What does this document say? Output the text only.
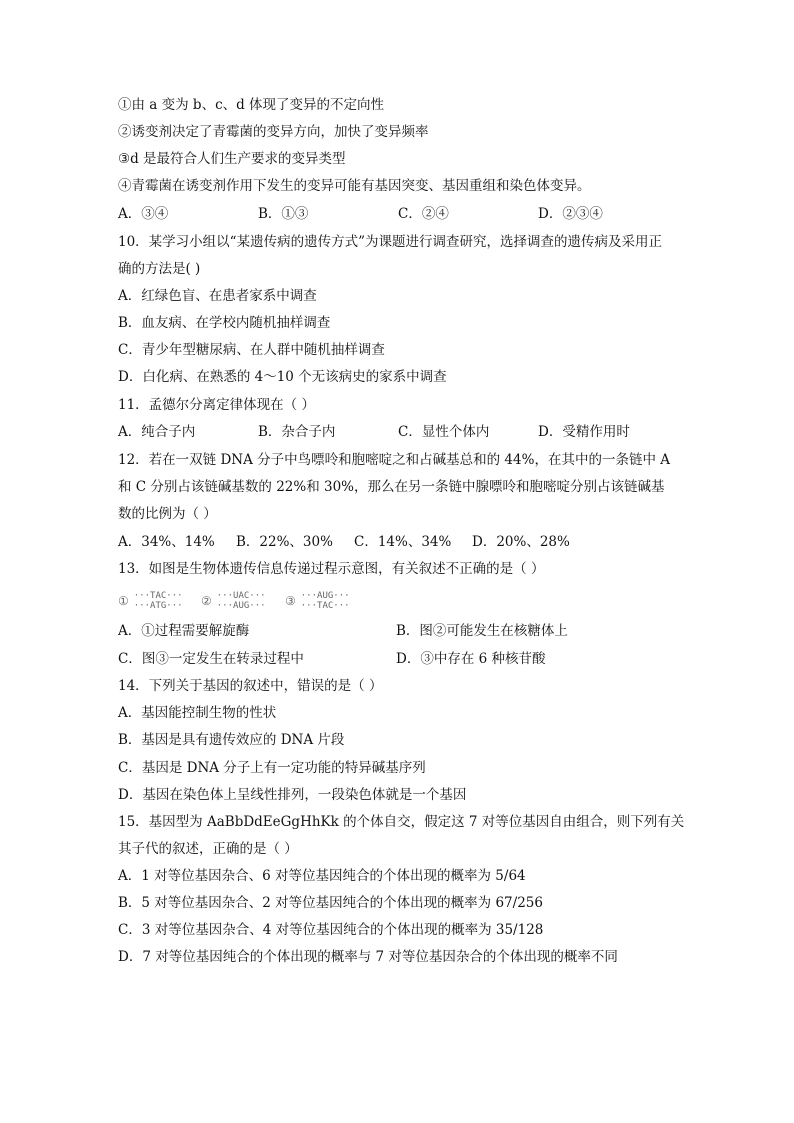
①由 a 变为 b、c、d 体现了变异的不定向性
②诱变剂决定了青霉菌的变异方向，加快了变异频率
③d 是最符合人们生产要求的变异类型
④青霉菌在诱变剂作用下发生的变异可能有基因突变、基因重组和染色体变异。
A．③④	B．①③	C．②④	D．②③④
10．某学习小组以“某遗传病的遗传方式”为课题进行调查研究，选择调查的遗传病及采用正
确的方法是( )
A．红绿色盲、在患者家系中调查
B．血友病、在学校内随机抽样调查
C．青少年型糖尿病、在人群中随机抽样调查
D．白化病、在熟悉的 4～10 个无该病史的家系中调查
11．孟德尔分离定律体现在（ ）
A．纯合子内	B．杂合子内	C．显性个体内	D．受精作用时
12．若在一双链 DNA 分子中鸟嘌呤和胞嘧啶之和占碱基总和的 44%，在其中的一条链中 A
和 C 分别占该链碱基数的 22%和 30%，那么在另一条链中腺嘌呤和胞嘧啶分别占该链碱基
数的比例为（ ）
A．34%、14% B．22%、30% C．14%、34% D．20%、28%
13．如图是生物体遗传信息传递过程示意图，有关叙述不正确的是（ ）
① ···TAC···
···ATG··· ② ···UAC···
···AUG··· ③ ···AUG···
···TAC···
A．①过程需要解旋酶	B．图②可能发生在核糖体上
C．图③一定发生在转录过程中	D．③中存在 6 种核苷酸
14．下列关于基因的叙述中，错误的是（ ）
A．基因能控制生物的性状
B．基因是具有遗传效应的 DNA 片段
C．基因是 DNA 分子上有一定功能的特异碱基序列
D．基因在染色体上呈线性排列，一段染色体就是一个基因
15．基因型为 AaBbDdEeGgHhKk 的个体自交，假定这 7 对等位基因自由组合，则下列有关
其子代的叙述，正确的是（ ）
A．1 对等位基因杂合、6 对等位基因纯合的个体出现的概率为 5/64
B．5 对等位基因杂合、2 对等位基因纯合的个体出现的概率为 67/256
C．3 对等位基因杂合、4 对等位基因纯合的个体出现的概率为 35/128
D．7 对等位基因纯合的个体出现的概率与 7 对等位基因杂合的个体出现的概率不同
